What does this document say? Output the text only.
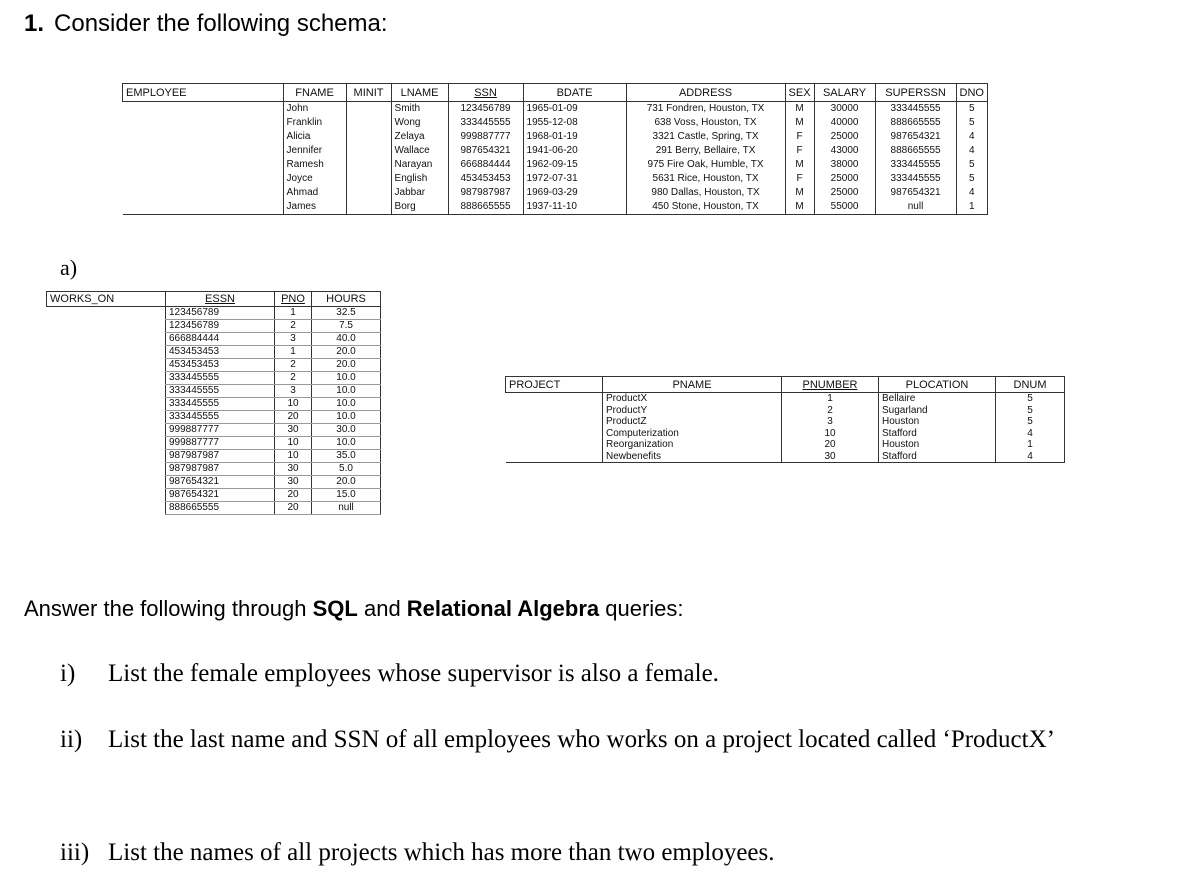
1. Consider the following schema:
a)
EMPLOYEE	FNAME	MINIT	LNAME	SSN	BDATE	ADDRESS	SEX	SALARY	SUPERSSN	DNO
	John		Smith	123456789	1965-01-09	731 Fondren, Houston, TX	M	30000	333445555	5
	Franklin		Wong	333445555	1955-12-08	638 Voss, Houston, TX	M	40000	888665555	5
	Alicia		Zelaya	999887777	1968-01-19	3321 Castle, Spring, TX	F	25000	987654321	4
	Jennifer		Wallace	987654321	1941-06-20	291 Berry, Bellaire, TX	F	43000	888665555	4
	Ramesh		Narayan	666884444	1962-09-15	975 Fire Oak, Humble, TX	M	38000	333445555	5
	Joyce		English	453453453	1972-07-31	5631 Rice, Houston, TX	F	25000	333445555	5
	Ahmad		Jabbar	987987987	1969-03-29	980 Dallas, Houston, TX	M	25000	987654321	4
	James		Borg	888665555	1937-11-10	450 Stone, Houston, TX	M	55000	null	1
WORKS_ON	ESSN	PNO	HOURS
	123456789	1	32.5
	123456789	2	7.5
	666884444	3	40.0
	453453453	1	20.0
	453453453	2	20.0
	333445555	2	10.0
	333445555	3	10.0
	333445555	10	10.0
	333445555	20	10.0
	999887777	30	30.0
	999887777	10	10.0
	987987987	10	35.0
	987987987	30	5.0
	987654321	30	20.0
	987654321	20	15.0
	888665555	20	null
PROJECT	PNAME	PNUMBER	PLOCATION	DNUM
	ProductX	1	Bellaire	5
	ProductY	2	Sugarland	5
	ProductZ	3	Houston	5
	Computerization	10	Stafford	4
	Reorganization	20	Houston	1
	Newbenefits	30	Stafford	4
Answer the following through SQL and Relational Algebra queries:
i) List the female employees whose supervisor is also a female.
ii)	List the last name and SSN of all employees who works on a project located called ‘ProductX’
iii) List the names of all projects which has more than two employees.
